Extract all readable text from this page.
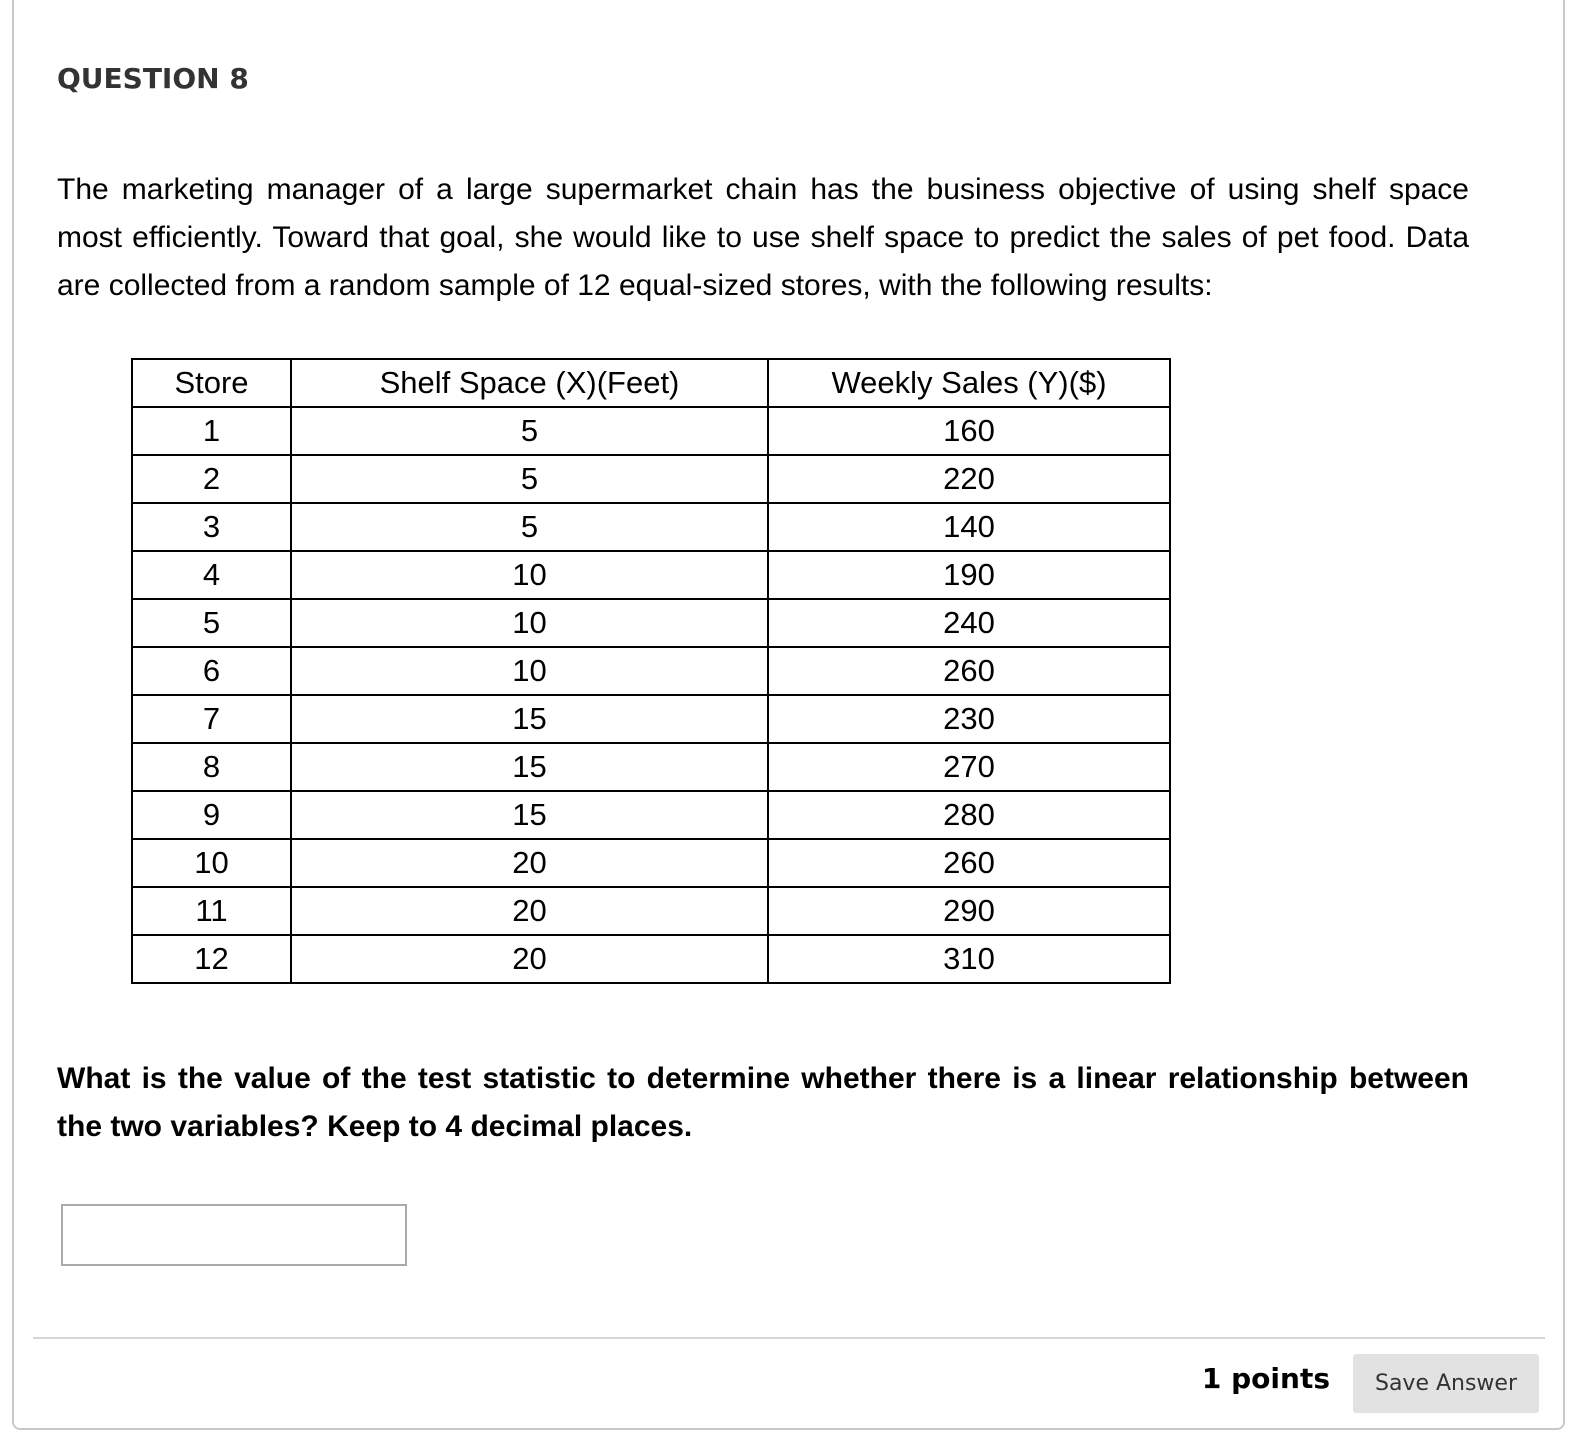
QUESTION 8

The marketing manager of a large supermarket chain has the business objective of using shelf space most efficiently. Toward that goal, she would like to use shelf space to predict the sales of pet food. Data are collected from a random sample of 12 equal-sized stores, with the following results:

Store	Shelf Space (X)(Feet)	Weekly Sales (Y)($)
1	5	160
2	5	220
3	5	140
4	10	190
5	10	240
6	10	260
7	15	230
8	15	270
9	15	280
10	20	260
11	20	290
12	20	310

What is the value of the test statistic to determine whether there is a linear relationship between the two variables? Keep to 4 decimal places.

1 points	Save Answer
